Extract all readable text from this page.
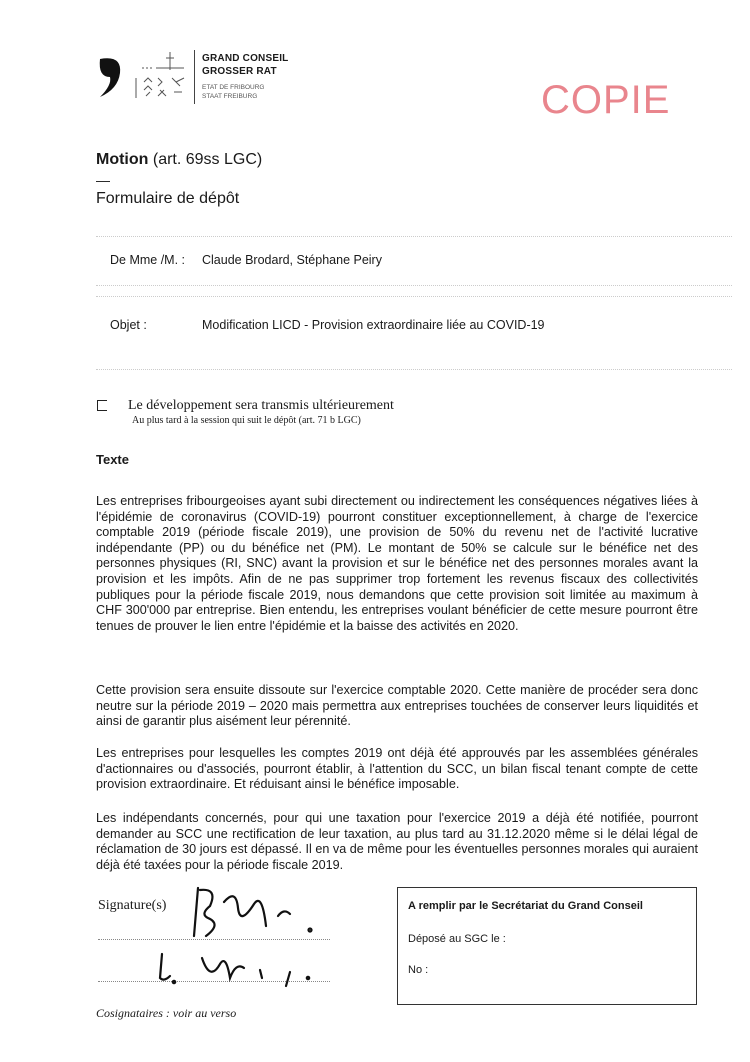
GRAND CONSEIL
GROSSER RAT
ETAT DE FRIBOURG
STAAT FREIBURG	COPIE
Motion (art. 69ss LGC)
—
Formulaire de dépôt
De Mme /M. : Claude Brodard, Stéphane Peiry
Objet :	Modification LICD - Provision extraordinaire liée au COVID-19
Le développement sera transmis ultérieurement
Au plus tard à la session qui suit le dépôt (art. 71 b LGC)
Texte
Les entreprises fribourgeoises ayant subi directement ou indirectement les conséquences négatives liées à l'épidémie de coronavirus (COVID-19) pourront constituer exceptionnellement, à charge de l'exercice comptable 2019 (période fiscale 2019), une provision de 50% du revenu net de l'activité lucrative indépendante (PP) ou du bénéfice net (PM). Le montant de 50% se calcule sur le bénéfice net des personnes physiques (RI, SNC) avant la provision et sur le bénéfice net des personnes morales avant la provision et les impôts. Afin de ne pas supprimer trop fortement les revenus fiscaux des collectivités publiques pour la période fiscale 2019, nous demandons que cette provision soit limitée au maximum à CHF 300'000 par entreprise. Bien entendu, les entreprises voulant bénéficier de cette mesure pourront être tenues de prouver le lien entre l'épidémie et la baisse des activités en 2020.
Cette provision sera ensuite dissoute sur l'exercice comptable 2020. Cette manière de procéder sera donc neutre sur la période 2019 – 2020 mais permettra aux entreprises touchées de conserver leurs liquidités et ainsi de garantir plus aisément leur pérennité.
Les entreprises pour lesquelles les comptes 2019 ont déjà été approuvés par les assemblées générales d'actionnaires ou d'associés, pourront établir, à l'attention du SCC, un bilan fiscal tenant compte de cette provision extraordinaire. Et réduisant ainsi le bénéfice imposable.
Les indépendants concernés, pour qui une taxation pour l'exercice 2019 a déjà été notifiée, pourront demander au SCC une rectification de leur taxation, au plus tard au 31.12.2020 même si le délai légal de réclamation de 30 jours est dépassé. Il en va de même pour les éventuelles personnes morales qui auraient déjà été taxées pour la période fiscale 2019.
Signature(s)
Cosignataires : voir au verso
A remplir par le Secrétariat du Grand Conseil
Déposé au SGC le :
No :
